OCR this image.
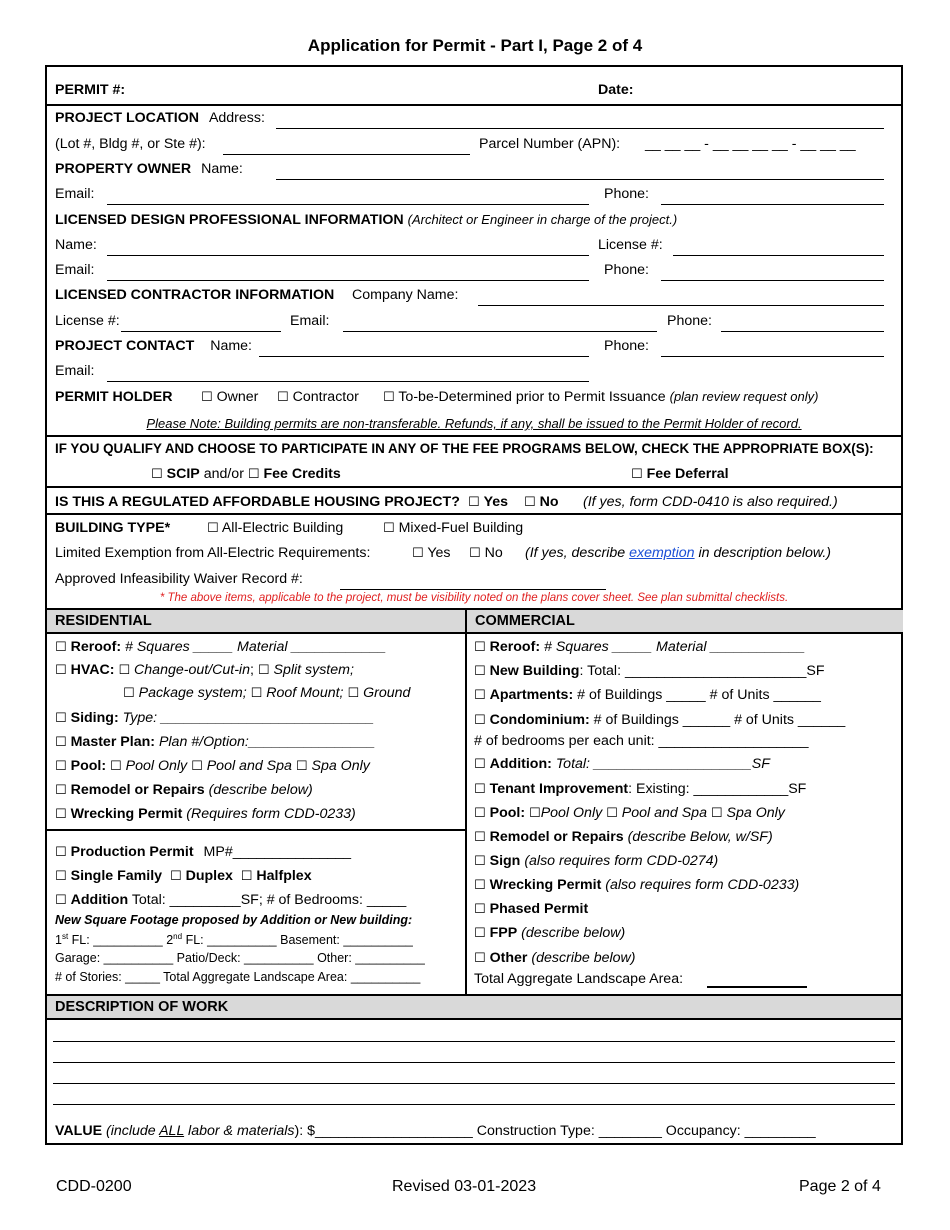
Application for Permit - Part I, Page 2 of 4
PERMIT #:	Date:
PROJECT LOCATION Address:
(Lot #, Bldg #, or Ste #):	Parcel Number (APN): __ __ __ - __ __ __ __ - __ __ __
PROPERTY OWNER Name:
Email:	Phone:
LICENSED DESIGN PROFESSIONAL INFORMATION (Architect or Engineer in charge of the project.)
Name:	License #:
Email:	Phone:
LICENSED CONTRACTOR INFORMATION Company Name:
License #:	Email:	Phone:
PROJECT CONTACT Name:	Phone:
Email:
PERMIT HOLDER ☐ Owner ☐ Contractor ☐ To-be-Determined prior to Permit Issuance (plan review request only)
Please Note: Building permits are non-transferable. Refunds, if any, shall be issued to the Permit Holder of record.
IF YOU QUALIFY AND CHOOSE TO PARTICIPATE IN ANY OF THE FEE PROGRAMS BELOW, CHECK THE APPROPRIATE BOX(S):
☐ SCIP and/or ☐ Fee Credits	☐ Fee Deferral
IS THIS A REGULATED AFFORDABLE HOUSING PROJECT? ☐ Yes ☐ No (If yes, form CDD-0410 is also required.)
BUILDING TYPE*	☐ All-Electric Building	☐ Mixed-Fuel Building
Limited Exemption from All-Electric Requirements:	☐ Yes ☐ No (If yes, describe exemption in description below.)
Approved Infeasibility Waiver Record #:
* The above items, applicable to the project, must be visibility noted on the plans cover sheet. See plan submittal checklists.
RESIDENTIAL	COMMERCIAL
☐ Reroof: # Squares _____ Material ____________
☐ HVAC: ☐ Change-out/Cut-in; ☐ Split system;
☐ Package system; ☐ Roof Mount; ☐ Ground
☐ Siding: Type: ___________________________
☐ Master Plan: Plan #/Option:________________
☐ Pool: ☐ Pool Only ☐ Pool and Spa ☐ Spa Only
☐ Remodel or Repairs (describe below)
☐ Wrecking Permit (Requires form CDD-0233)
☐ Production Permit MP#_______________
☐ Single Family ☐ Duplex ☐ Halfplex
☐ Addition Total: _________SF; # of Bedrooms: _____
New Square Footage proposed by Addition or New building:
1st FL: __________ 2nd FL: __________ Basement: __________
Garage: __________ Patio/Deck: __________ Other: __________
# of Stories: _____ Total Aggregate Landscape Area: __________
☐ Reroof: # Squares _____ Material ____________
☐ New Building: Total: _______________________SF
☐ Apartments: # of Buildings _____ # of Units ______
☐ Condominium: # of Buildings ______ # of Units ______
# of bedrooms per each unit: ___________________
☐ Addition: Total: ____________________SF
☐ Tenant Improvement: Existing: ____________SF
☐ Pool: ☐Pool Only ☐ Pool and Spa ☐ Spa Only
☐ Remodel or Repairs (describe Below, w/SF)
☐ Sign (also requires form CDD-0274)
☐ Wrecking Permit (also requires form CDD-0233)
☐ Phased Permit
☐ FPP (describe below)
☐ Other (describe below)
Total Aggregate Landscape Area:
DESCRIPTION OF WORK
VALUE (include ALL labor & materials): $____________________ Construction Type: ________ Occupancy: _________
CDD-0200	Revised 03-01-2023	Page 2 of 4
